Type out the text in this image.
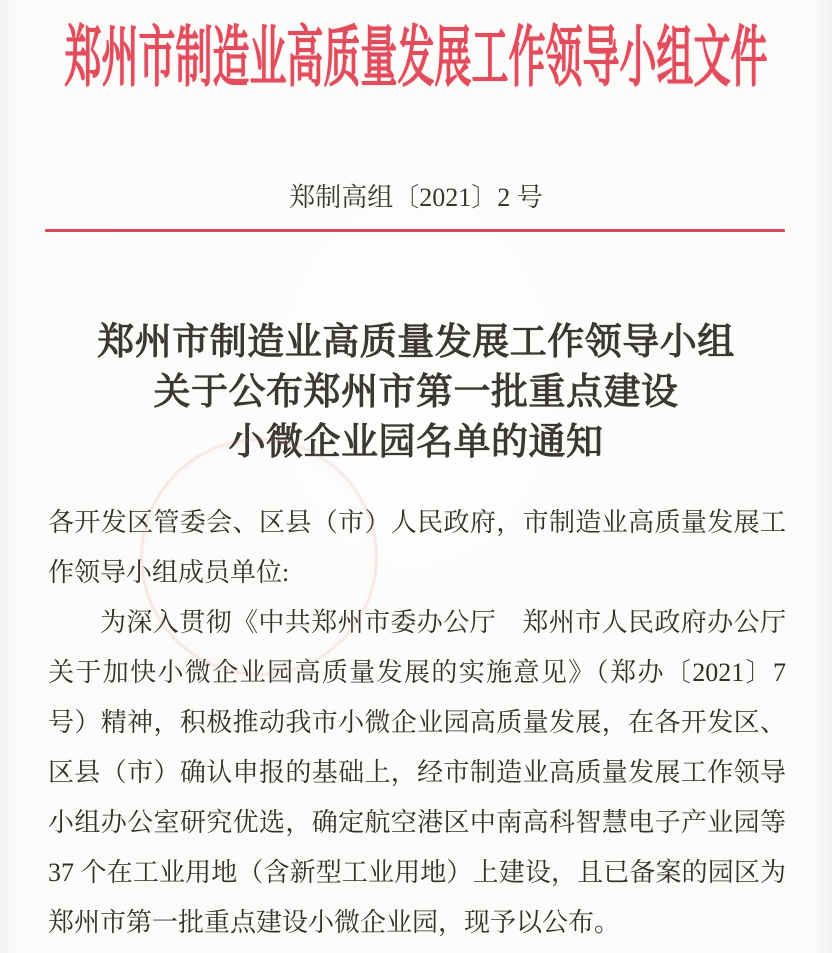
郑州市制造业高质量发展工作领导小组文件
郑制高组〔2021〕2 号
郑州市制造业高质量发展工作领导小组
关于公布郑州市第一批重点建设
小微企业园名单的通知
各开发区管委会、区县（市）人民政府，市制造业高质量发展工
作领导小组成员单位:
为深入贯彻《中共郑州市委办公厅　郑州市人民政府办公厅
关于加快小微企业园高质量发展的实施意见》（郑办〔2021〕7
号）精神，积极推动我市小微企业园高质量发展，在各开发区、
区县（市）确认申报的基础上，经市制造业高质量发展工作领导
小组办公室研究优选，确定航空港区中南高科智慧电子产业园等
37 个在工业用地（含新型工业用地）上建设，且已备案的园区为
郑州市第一批重点建设小微企业园，现予以公布。
